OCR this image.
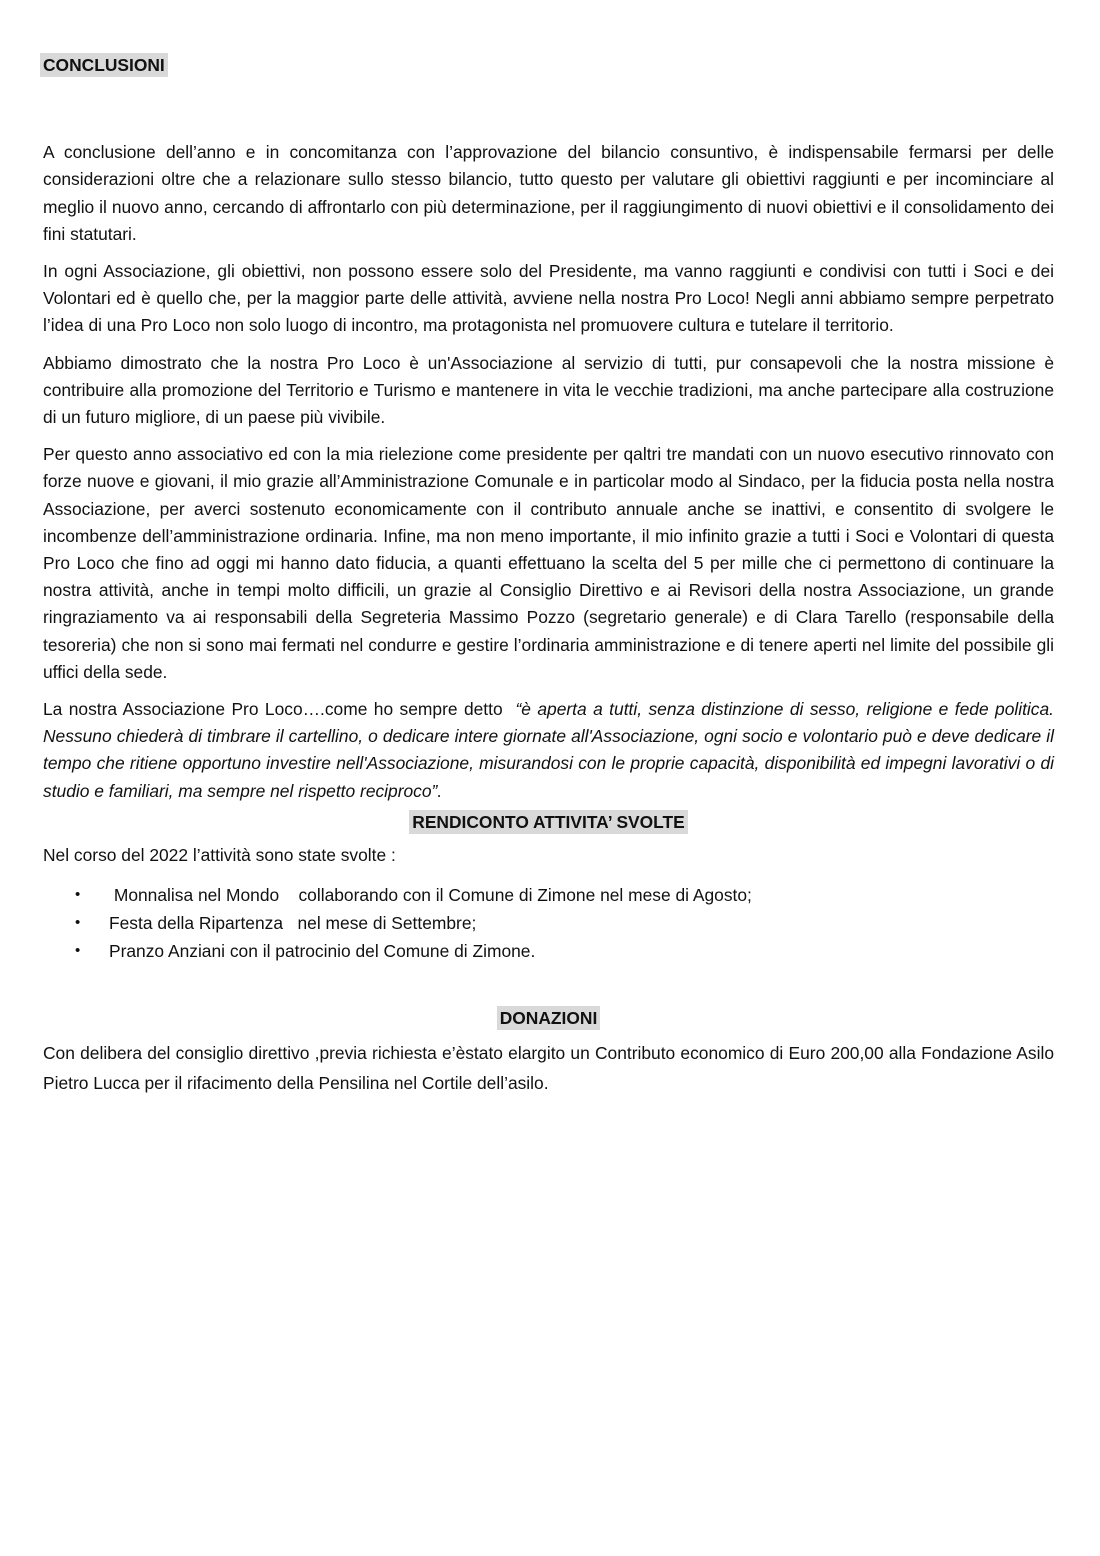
CONCLUSIONI

A conclusione dell’anno e in concomitanza con l’approvazione del bilancio consuntivo, è indispensabile fermarsi per delle considerazioni oltre che a relazionare sullo stesso bilancio, tutto questo per valutare gli obiettivi raggiunti e per incominciare al meglio il nuovo anno, cercando di affrontarlo con più determinazione, per il raggiungimento di nuovi obiettivi e il consolidamento dei fini statutari.

In ogni Associazione, gli obiettivi, non possono essere solo del Presidente, ma vanno raggiunti e condivisi con tutti i Soci e dei Volontari ed è quello che, per la maggior parte delle attività, avviene nella nostra Pro Loco! Negli anni abbiamo sempre perpetrato l’idea di una Pro Loco non solo luogo di incontro, ma protagonista nel promuovere cultura e tutelare il territorio.

Abbiamo dimostrato che la nostra Pro Loco è un'Associazione al servizio di tutti, pur consapevoli che la nostra missione è contribuire alla promozione del Territorio e Turismo e mantenere in vita le vecchie tradizioni, ma anche partecipare alla costruzione di un futuro migliore, di un paese più vivibile.

Per questo anno associativo ed con la mia rielezione come presidente per qaltri tre mandati con un nuovo esecutivo rinnovato con forze nuove e giovani, il mio grazie all’Amministrazione Comunale e in particolar modo al Sindaco, per la fiducia posta nella nostra Associazione, per averci sostenuto economicamente con il contributo annuale anche se inattivi, e consentito di svolgere le incombenze dell’amministrazione ordinaria. Infine, ma non meno importante, il mio infinito grazie a tutti i Soci e Volontari di questa Pro Loco che fino ad oggi mi hanno dato fiducia, a quanti effettuano la scelta del 5 per mille che ci permettono di continuare la nostra attività, anche in tempi molto difficili, un grazie al Consiglio Direttivo e ai Revisori della nostra Associazione, un grande ringraziamento va ai responsabili della Segreteria Massimo Pozzo (segretario generale) e di Clara Tarello (responsabile della tesoreria) che non si sono mai fermati nel condurre e gestire l’ordinaria amministrazione e di tenere aperti nel limite del possibile gli uffici della sede.

La nostra Associazione Pro Loco….come ho sempre detto  “è aperta a tutti, senza distinzione di sesso, religione e fede politica. Nessuno chiederà di timbrare il cartellino, o dedicare intere giornate all'Associazione, ogni socio e volontario può e deve dedicare il tempo che ritiene opportuno investire nell'Associazione, misurandosi con le proprie capacità, disponibilità ed impegni lavorativi o di studio e familiari, ma sempre nel rispetto reciproco”.

RENDICONTO ATTIVITA’ SVOLTE

Nel corso del 2022 l’attività sono state svolte :

• Monnalisa nel Mondo    collaborando con il Comune di Zimone nel mese di Agosto;
• Festa della Ripartenza   nel mese di Settembre;
• Pranzo Anziani con il patrocinio del Comune di Zimone.
DONAZIONI

Con delibera del consiglio direttivo ,previa richiesta e’èstato elargito un Contributo economico di Euro 200,00 alla Fondazione Asilo Pietro Lucca per il rifacimento della Pensilina nel Cortile dell’asilo.
